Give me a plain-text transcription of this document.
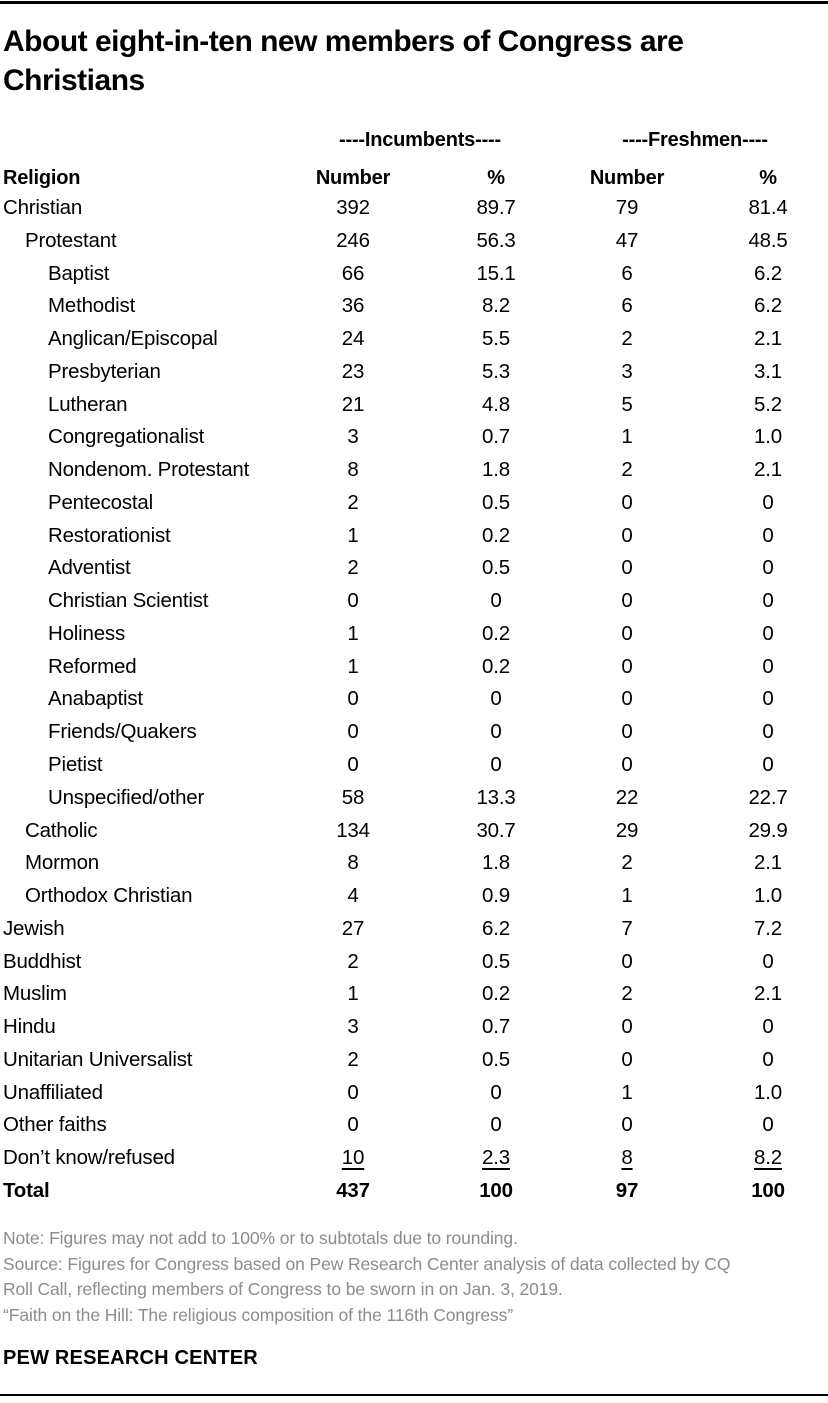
About eight-in-ten new members of Congress are Christians
----Incumbents----	----Freshmen----
Religion	Number	%	Number	%
Christian	392	89.7	79	81.4
Protestant	246	56.3	47	48.5
Baptist	66	15.1	6	6.2
Methodist	36	8.2	6	6.2
Anglican/Episcopal	24	5.5	2	2.1
Presbyterian	23	5.3	3	3.1
Lutheran	21	4.8	5	5.2
Congregationalist	3	0.7	1	1.0
Nondenom. Protestant	8	1.8	2	2.1
Pentecostal	2	0.5	0	0
Restorationist	1	0.2	0	0
Adventist	2	0.5	0	0
Christian Scientist	0	0	0	0
Holiness	1	0.2	0	0
Reformed	1	0.2	0	0
Anabaptist	0	0	0	0
Friends/Quakers	0	0	0	0
Pietist	0	0	0	0
Unspecified/other	58	13.3	22	22.7
Catholic	134	30.7	29	29.9
Mormon	8	1.8	2	2.1
Orthodox Christian	4	0.9	1	1.0
Jewish	27	6.2	7	7.2
Buddhist	2	0.5	0	0
Muslim	1	0.2	2	2.1
Hindu	3	0.7	0	0
Unitarian Universalist	2	0.5	0	0
Unaffiliated	0	0	1	1.0
Other faiths	0	0	0	0
Don’t know/refused	10	2.3	8	8.2
Total	437	100	97	100

Note: Figures may not add to 100% or to subtotals due to rounding.

Source: Figures for Congress based on Pew Research Center analysis of data collected by CQ Roll Call, reflecting members of Congress to be sworn in on Jan. 3, 2019.

“Faith on the Hill: The religious composition of the 116th Congress”

PEW RESEARCH CENTER
